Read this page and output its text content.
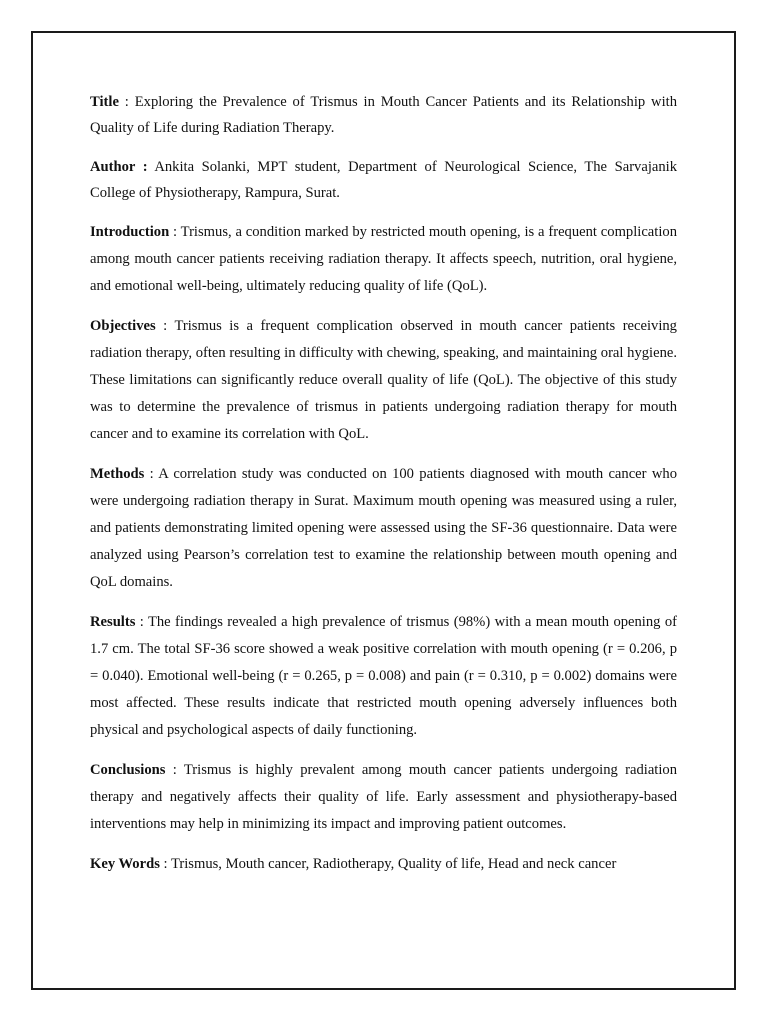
Title : Exploring the Prevalence of Trismus in Mouth Cancer Patients and its Relationship with Quality of Life during Radiation Therapy.

Author : Ankita Solanki, MPT student, Department of Neurological Science, The Sarvajanik College of Physiotherapy, Rampura, Surat.

Introduction : Trismus, a condition marked by restricted mouth opening, is a frequent complication among mouth cancer patients receiving radiation therapy. It affects speech, nutrition, oral hygiene, and emotional well-being, ultimately reducing quality of life (QoL).

Objectives : Trismus is a frequent complication observed in mouth cancer patients receiving radiation therapy, often resulting in difficulty with chewing, speaking, and maintaining oral hygiene. These limitations can significantly reduce overall quality of life (QoL). The objective of this study was to determine the prevalence of trismus in patients undergoing radiation therapy for mouth cancer and to examine its correlation with QoL.

Methods : A correlation study was conducted on 100 patients diagnosed with mouth cancer who were undergoing radiation therapy in Surat. Maximum mouth opening was measured using a ruler, and patients demonstrating limited opening were assessed using the SF-36 questionnaire. Data were analyzed using Pearson’s correlation test to examine the relationship between mouth opening and QoL domains.

Results : The findings revealed a high prevalence of trismus (98%) with a mean mouth opening of 1.7 cm. The total SF-36 score showed a weak positive correlation with mouth opening (r = 0.206, p = 0.040). Emotional well-being (r = 0.265, p = 0.008) and pain (r = 0.310, p = 0.002) domains were most affected. These results indicate that restricted mouth opening adversely influences both physical and psychological aspects of daily functioning.

Conclusions : Trismus is highly prevalent among mouth cancer patients undergoing radiation therapy and negatively affects their quality of life. Early assessment and physiotherapy-based interventions may help in minimizing its impact and improving patient outcomes.

Key Words : Trismus, Mouth cancer, Radiotherapy, Quality of life, Head and neck cancer
